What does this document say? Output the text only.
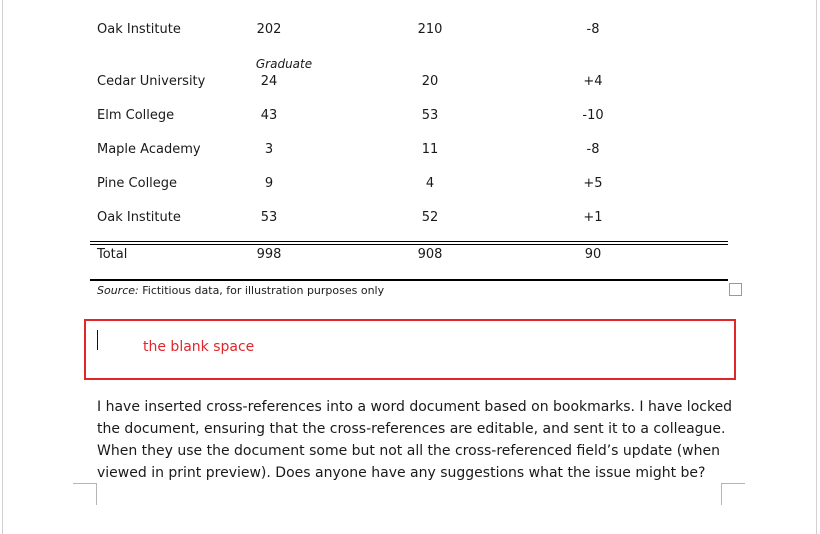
Oak Institute	202	210	-8
Graduate
Cedar University	24	20	+4
Elm College	43	53	-10
Maple Academy	3	11	-8
Pine College	9	4	+5
Oak Institute	53	52	+1
Total	998	908	90
Source: Fictitious data, for illustration purposes only
the blank space

I have inserted cross-references into a word document based on bookmarks. I have locked the document, ensuring that the cross-references are editable, and sent it to a colleague. When they use the document some but not all the cross-referenced field’s update (when viewed in print preview). Does anyone have any suggestions what the issue might be?
